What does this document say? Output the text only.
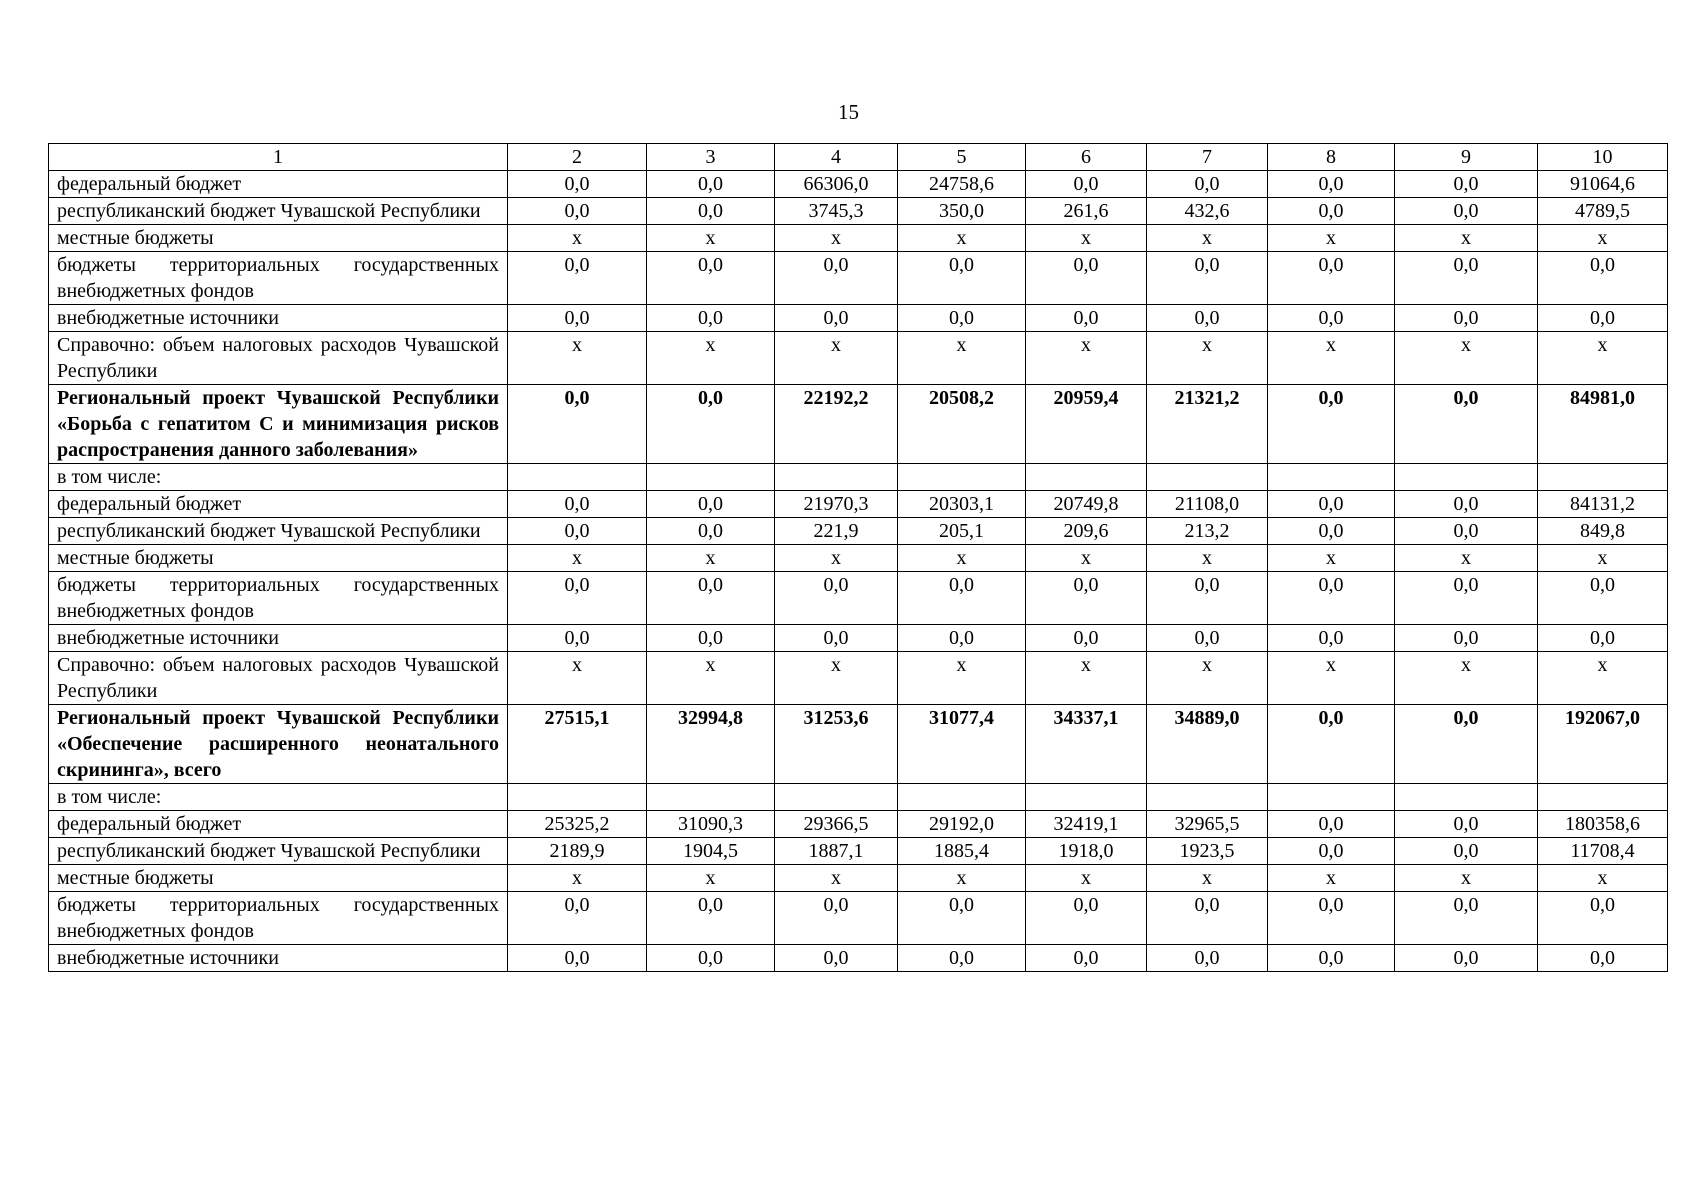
15
1	2	3	4	5	6	7	8	9	10
федеральный бюджет	0,0	0,0	66306,0	24758,6	0,0	0,0	0,0	0,0	91064,6
республиканский бюджет Чувашской Республики	0,0	0,0	3745,3	350,0	261,6	432,6	0,0	0,0	4789,5
местные бюджеты	х	х	х	х	х	х	х	х	х
бюджеты территориальных государственных внебюджетных фондов	0,0	0,0	0,0	0,0	0,0	0,0	0,0	0,0	0,0
внебюджетные источники	0,0	0,0	0,0	0,0	0,0	0,0	0,0	0,0	0,0
Справочно: объем налоговых расходов Чувашской Республики	х	х	х	х	х	х	х	х	х
Региональный проект Чувашской Республики «Борьба с гепатитом С и минимизация рисков распространения данного заболевания»	0,0	0,0	22192,2	20508,2	20959,4	21321,2	0,0	0,0	84981,0
в том числе:									
федеральный бюджет	0,0	0,0	21970,3	20303,1	20749,8	21108,0	0,0	0,0	84131,2
республиканский бюджет Чувашской Республики	0,0	0,0	221,9	205,1	209,6	213,2	0,0	0,0	849,8
местные бюджеты	х	х	х	х	х	х	х	х	х
бюджеты территориальных государственных внебюджетных фондов	0,0	0,0	0,0	0,0	0,0	0,0	0,0	0,0	0,0
внебюджетные источники	0,0	0,0	0,0	0,0	0,0	0,0	0,0	0,0	0,0
Справочно: объем налоговых расходов Чувашской Республики	х	х	х	х	х	х	х	х	х
Региональный проект Чувашской Республики «Обеспечение расширенного неонатального скрининга», всего	27515,1	32994,8	31253,6	31077,4	34337,1	34889,0	0,0	0,0	192067,0
в том числе:									
федеральный бюджет	25325,2	31090,3	29366,5	29192,0	32419,1	32965,5	0,0	0,0	180358,6
республиканский бюджет Чувашской Республики	2189,9	1904,5	1887,1	1885,4	1918,0	1923,5	0,0	0,0	11708,4
местные бюджеты	х	х	х	х	х	х	х	х	х
бюджеты территориальных государственных внебюджетных фондов	0,0	0,0	0,0	0,0	0,0	0,0	0,0	0,0	0,0
внебюджетные источники	0,0	0,0	0,0	0,0	0,0	0,0	0,0	0,0	0,0
